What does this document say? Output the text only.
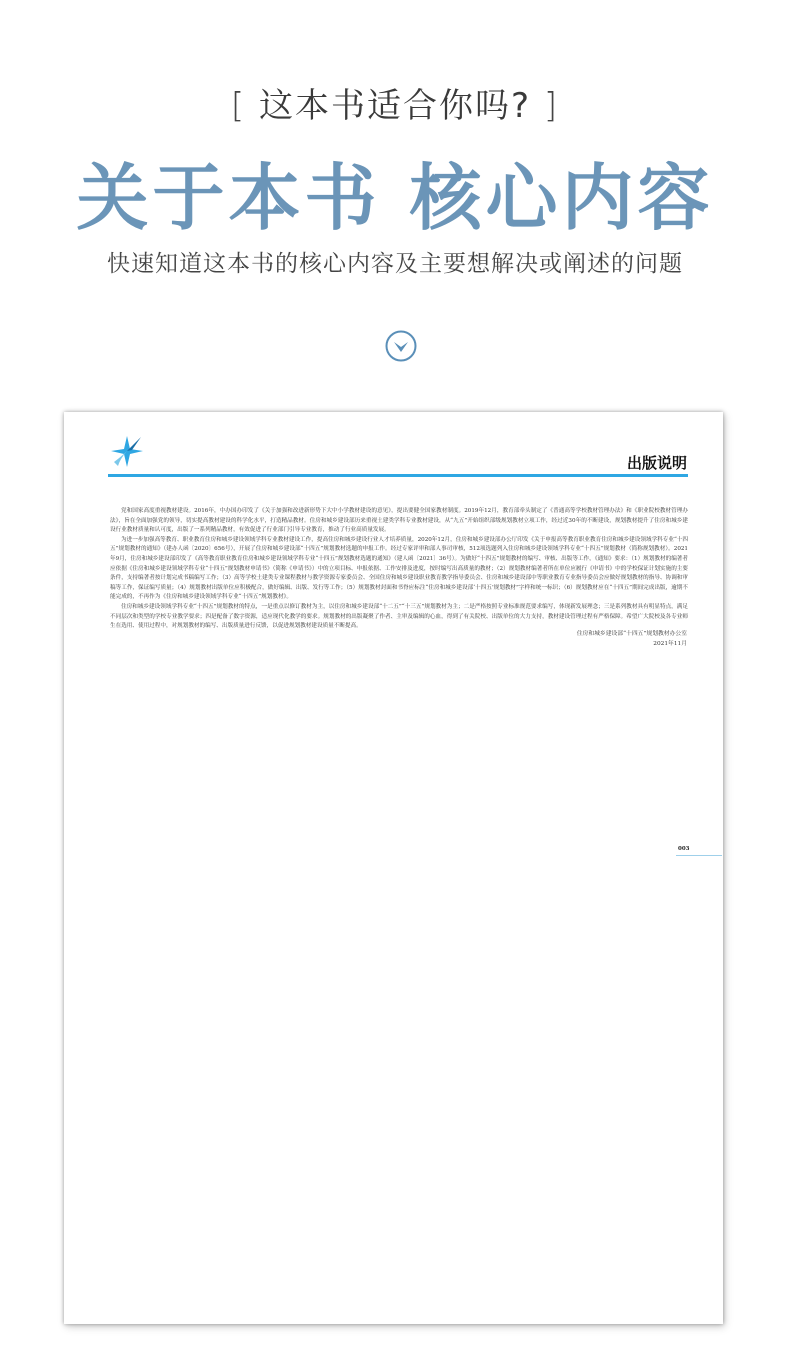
[ 这本书适合你吗? ]
关于本书 核心内容
快速知道这本书的核心内容及主要想解决或阐述的问题
出版说明

党和国家高度重视教材建设。2016年，中办国办印发了《关于加强和改进新形势下大中小学教材建设的意见》，提出要健全国家教材制度。2019年12月，教育部牵头制定了《普通高等学校教材管理办法》和《职业院校教材管理办法》，旨在全面加强党的领导，切实提高教材建设的科学化水平，打造精品教材。住房和城乡建设部历来重视土建类学科专业教材建设，从“九五”开始组织部级规划教材立项工作，经过近30年的不断建设，规划教材提升了住房和城乡建设行业教材质量和认可度，出版了一系列精品教材，有效促进了行业部门引导专业教育，推动了行业高质量发展。

为进一步加强高等教育、职业教育住房和城乡建设领域学科专业教材建设工作，提高住房和城乡建设行业人才培养质量，2020年12月，住房和城乡建设部办公厅印发《关于申报高等教育职业教育住房和城乡建设领域学科专业“十四五”规划教材的通知》（建办人函〔2020〕656号），开展了住房和城乡建设部“十四五”规划教材选题的申报工作。经过专家评审和部人事司审核，512项选题列入住房和城乡建设领域学科专业“十四五”规划教材（简称规划教材）。2021年9月，住房和城乡建设部印发了《高等教育职业教育住房和城乡建设领域学科专业“十四五”规划教材选题的通知》（建人函〔2021〕36号）。为做好“十四五”规划教材的编写、审核、出版等工作，《通知》要求：（1）规划教材的编著者应依据《住房和城乡建设领域学科专业“十四五”规划教材申请书》（简称《申请书》）中的立项目标、申报依据、工作安排及进度，按时编写出高质量的教材；（2）规划教材编著者所在单位应履行《申请书》中的学校保证计划实施的主要条件，支持编著者按计划完成书稿编写工作；（3）高等学校土建类专业课程教材与教学资源专家委员会、全国住房和城乡建设职业教育教学指导委员会、住房和城乡建设部中等职业教育专业指导委员会应做好规划教材的指导、协调和审稿等工作，保证编写质量；（4）规划教材出版单位应积极配合，做好编辑、出版、发行等工作；（5）规划教材封面和书脊应标注“住房和城乡建设部‘十四五’规划教材”字样和统一标识；（6）规划教材应在“十四五”期间完成出版，逾期不能完成的，不再作为《住房和城乡建设领域学科专业“十四五”规划教材》。

住房和城乡建设领域学科专业“十四五”规划教材的特点，一是重点以修订教材为主，以住房和城乡建设部“十二五”“十三五”规划教材为主；二是严格按照专业标准规范要求编写，体现新发展理念；三是系列教材具有明显特点，满足不同层次和类型的学校专业教学要求；四是配备了数字资源，适应现代化教学的要求。规划教材的出版凝聚了作者、主审及编辑的心血，得到了有关院校、出版单位的大力支持，教材建设管理过程有严格保障。希望广大院校及各专业师生在选用、使用过程中，对规划教材的编写、出版质量进行反馈，以促进规划教材建设质量不断提高。

住房和城乡建设部“十四五”规划教材办公室
2021年11月
003
